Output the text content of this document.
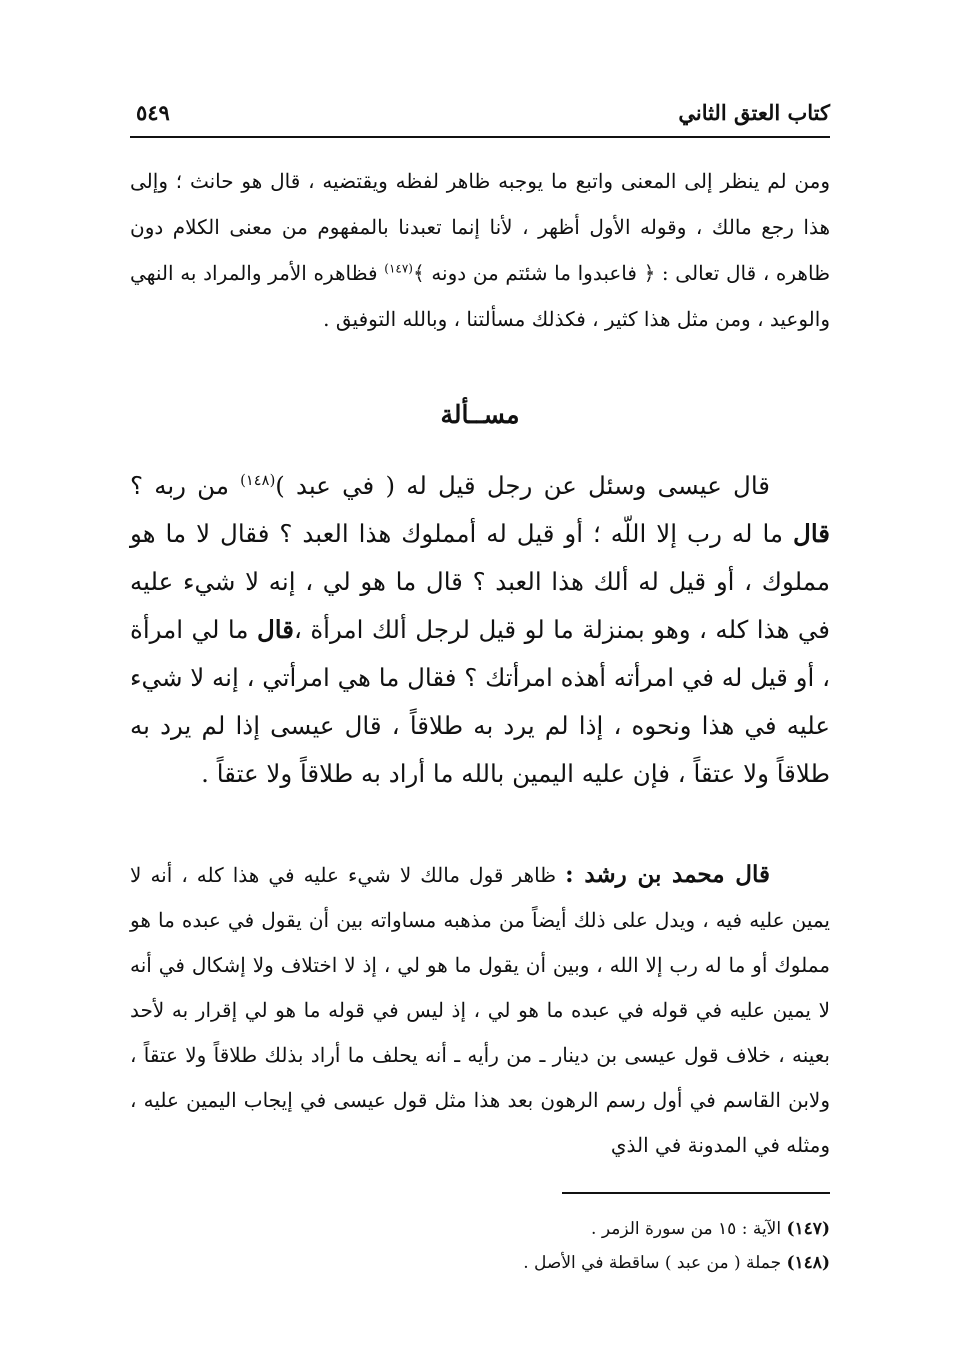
كتاب العتق الثاني
٥٤٩

ومن لم ينظر إلى المعنى واتبع ما يوجبه ظاهر لفظه ويقتضيه ، قال هو حانث ؛ وإلى هذا رجع مالك ، وقوله الأول أظهر ، لأنا إنما تعبدنا بالمفهوم من معنى الكلام دون ظاهره ، قال تعالى : ﴿ فاعبدوا ما شئتم من دونه ﴾$^{(١٤٧)}$ فظاهره الأمر والمراد به النهي والوعيد ، ومن مثل هذا كثير ، فكذلك مسألتنا ، وبالله التوفيق .

مســألة

قال عيسى وسئل عن رجل قيل له ( في عبد )$^{(١٤٨)}$ من ربه ؟ قال ما له رب إلا اللّه ؛ أو قيل له أمملوك هذا العبد ؟ فقال لا ما هو مملوك ، أو قيل له ألك هذا العبد ؟ قال ما هو لي ، إنه لا شيء عليه في هذا كله ، وهو بمنزلة ما لو قيل لرجل ألك امرأة ،قال ما لي امرأة ، أو قيل له في امرأته أهذه امرأتك ؟ فقال ما هي امرأتي ، إنه لا شيء عليه في هذا ونحوه ، إذا لم يرد به طلاقاً ، قال عيسى إذا لم يرد به طلاقاً ولا عتقاً ، فإن عليه اليمين بالله ما أراد به طلاقاً ولا عتقاً .

قال محمد بن رشد : ظاهر قول مالك لا شيء عليه في هذا كله ، أنه لا يمين عليه فيه ، ويدل على ذلك أيضاً من مذهبه مساواته بين أن يقول في عبده ما هو مملوك أو ما له رب إلا الله ، وبين أن يقول ما هو لي ، إذ لا اختلاف ولا إشكال في أنه لا يمين عليه في قوله في عبده ما هو لي ، إذ ليس في قوله ما هو لي إقرار به لأحد بعينه ، خلاف قول عيسى بن دينار ـ من رأيه ـ أنه يحلف ما أراد بذلك طلاقاً ولا عتقاً ، ولابن القاسم في أول رسم الرهون بعد هذا مثل قول عيسى في إيجاب اليمين عليه ، ومثله في المدونة في الذي

(١٤٧) الآية : ١٥ من سورة الزمر .
(١٤٨) جملة ( من عبد ) ساقطة في الأصل .
